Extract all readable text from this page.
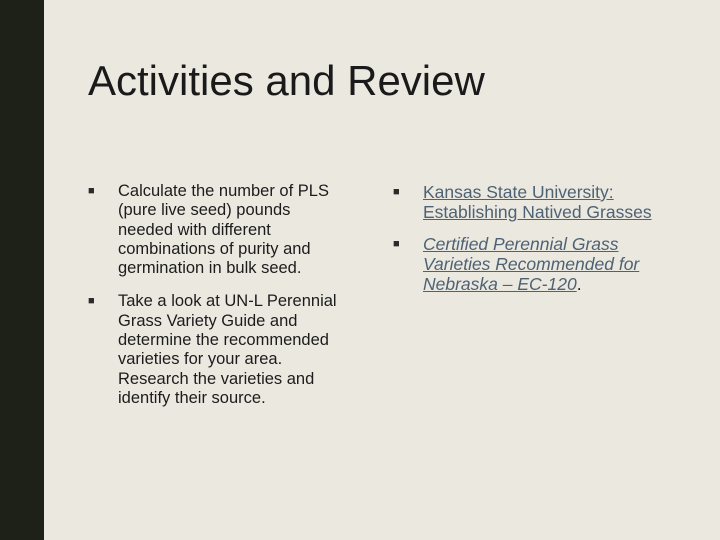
Activities and Review
■ Calculate the number of PLS (pure live seed) pounds needed with different combinations of purity and germination in bulk seed.
■ Take a look at UN-L Perennial Grass Variety Guide and determine the recommended varieties for your area. Research the varieties and identify their source.
■ Kansas State University: Establishing Natived Grasses
■ Certified Perennial Grass Varieties Recommended for Nebraska – EC-120.
